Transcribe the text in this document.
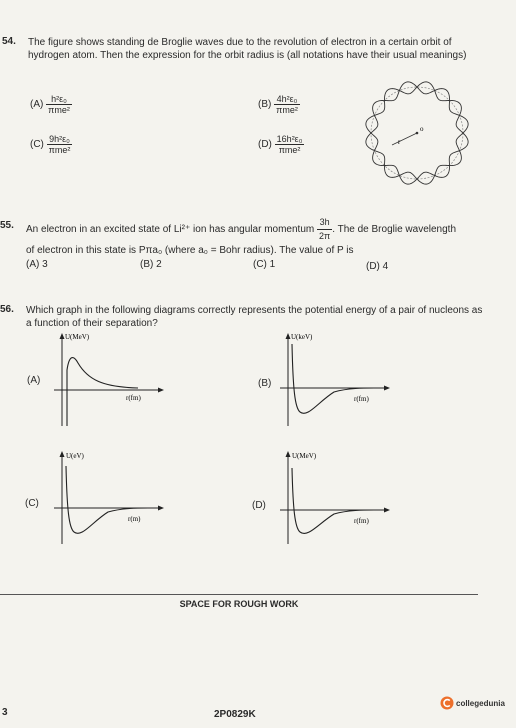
54. The figure shows standing de Broglie waves due to the revolution of electron in a certain orbit of hydrogen atom. Then the expression for the orbit radius is (all notations have their usual meanings)
$(A) \frac{\text{h²ε₀}}{\text{πme²}}$	$(B) \frac{\text{4h²ε₀}}{\text{πme²}}$
$(C) \frac{\text{9h²ε₀}}{\text{πme²}}$	$(D) \frac{\text{16h²ε₀}}{\text{πme²}}$
o
r
55. An electron in an excited state of Li²⁺ ion has angular momentum $\frac{3h}{2\pi}$ . The de Broglie wavelength
of electron in this state is Pπa₀ (where a₀ = Bohr radius). The value of P is
(A) 3	(B) 2	(C) 1	(D) 4
56. Which graph in the following diagrams correctly represents the potential energy of a pair of nucleons as a function of their separation?
(A)
U(MeV)
r(fm)
(B)
U(keV)
r(fm)
(C)
U(eV)
r(m)
(D)
U(MeV)
r(fm)
SPACE FOR ROUGH WORK
3	2P0829K
collegedunia
